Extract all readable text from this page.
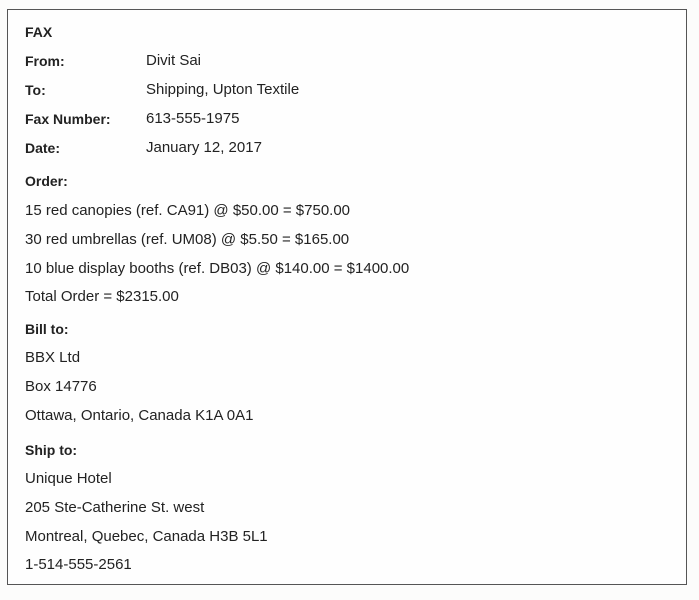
FAX
From:	Divit Sai
To:	Shipping, Upton Textile
Fax Number: 613-555-1975
Date:	January 12, 2017
Order:
15 red canopies (ref. CA91) @ $50.00 = $750.00
30 red umbrellas (ref. UM08) @ $5.50 = $165.00
10 blue display booths (ref. DB03) @ $140.00 = $1400.00
Total Order = $2315.00
Bill to:
BBX Ltd
Box 14776
Ottawa, Ontario, Canada K1A 0A1
Ship to:
Unique Hotel
205 Ste-Catherine St. west
Montreal, Quebec, Canada H3B 5L1
1-514-555-2561
